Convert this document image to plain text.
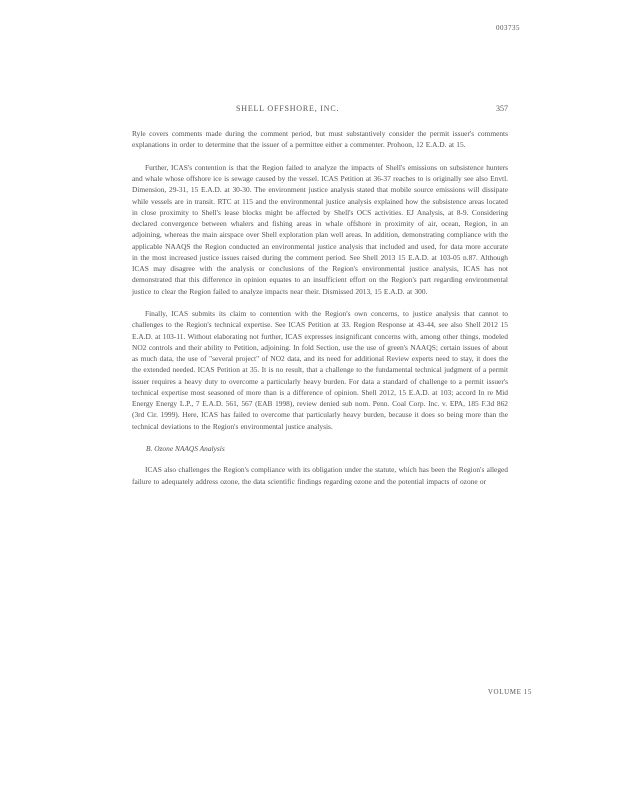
003735
SHELL OFFSHORE, INC.	357

Ryle covers comments made during the comment period, but must substantively consider the permit issuer's comments explanations in order to determine that the issuer of a permittee either a commenter. Prohoon, 12 E.A.D. at 15.

Further, ICAS's contention is that the Region failed to analyze the impacts of Shell's emissions on subsistence hunters and whale whose offshore ice is sewage caused by the vessel. ICAS Petition at 36-37 reaches to is originally see also Envtl. Dimension, 29-31, 15 E.A.D. at 30-30. The environment justice analysis stated that mobile source emissions will dissipate while vessels are in transit. RTC at 115 and the environmental justice analysis explained how the subsistence areas located in close proximity to Shell's lease blocks might be affected by Shell's OCS activities. EJ Analysis, at 8-9. Considering declared convergence between whalers and fishing areas in whale offshore in proximity of air, ocean, Region, in an adjoining, whereas the main airspace over Shell exploration plan well areas. In addition, demonstrating compliance with the applicable NAAQS the Region conducted an environmental justice analysis that included and used, for data more accurate in the most increased justice issues raised during the comment period. See Shell 2013 15 E.A.D. at 103-05 n.87. Although ICAS may disagree with the analysis or conclusions of the Region's environmental justice analysis, ICAS has not demonstrated that this difference in opinion equates to an insufficient effort on the Region's part regarding environmental justice to clear the Region failed to analyze impacts near their. Dismissed 2013, 15 E.A.D. at 300.

Finally, ICAS submits its claim to contention with the Region's own concerns, to justice analysis that cannot to challenges to the Region's technical expertise. See ICAS Petition at 33. Region Response at 43-44, see also Shell 2012 15 E.A.D. at 103-11. Without elaborating not further, ICAS expresses insignificant concerns with, among other things, modeled NO2 controls and their ability to Petition, adjoining. In fold Section, use the use of green's NAAQS; certain issues of about as much data, the use of "several project" of NO2 data, and its need for additional Review experts need to stay, it does the the extended needed. ICAS Petition at 35. It is no result, that a challenge to the fundamental technical judgment of a permit issuer requires a heavy duty to overcome a particularly heavy burden. For data a standard of challenge to a permit issuer's technical expertise most seasoned of more than is a difference of opinion. Shell 2012, 15 E.A.D. at 103; accord In re Mid Energy Energy L.P., 7 E.A.D. 561, 567 (EAB 1998), review denied sub nom. Penn. Coal Corp. Inc. v. EPA, 185 F.3d 862 (3rd Cir. 1999). Here, ICAS has failed to overcome that particularly heavy burden, because it does so being more than the technical deviations to the Region's environmental justice analysis.

B. Ozone NAAQS Analysis

ICAS also challenges the Region's compliance with its obligation under the statute, which has been the Region's alleged failure to adequately address ozone, the data scientific findings regarding ozone and the potential impacts of ozone or

VOLUME 15
